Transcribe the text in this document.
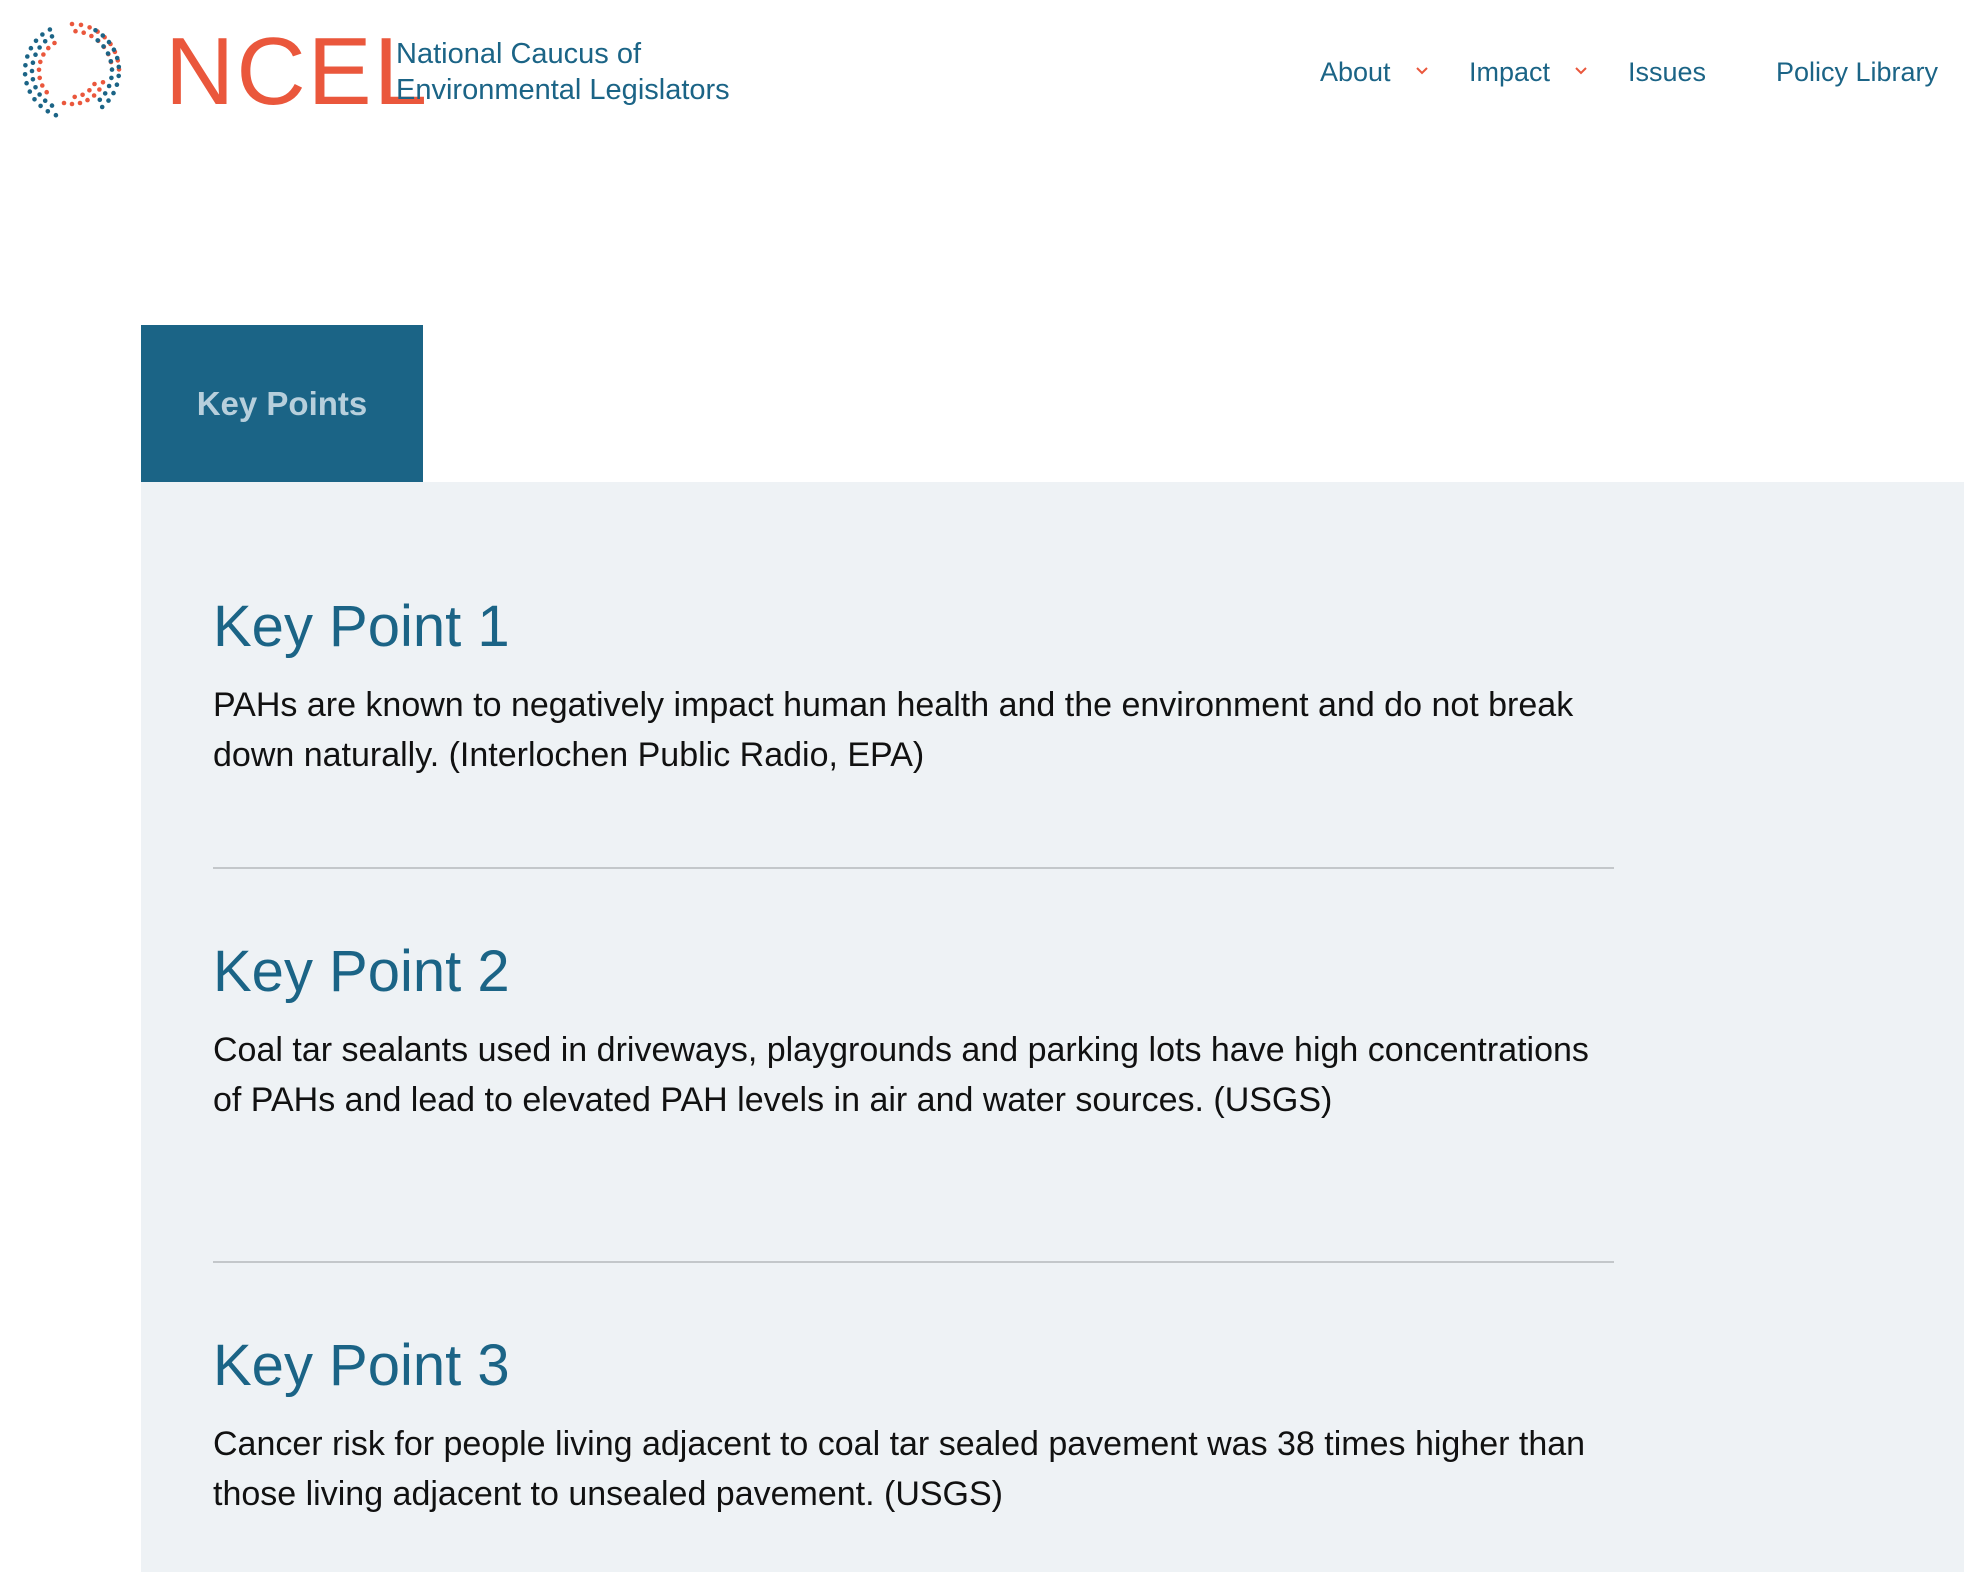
NCEL
National Caucus of
Environmental Legislators
About	Impact	Issues	Policy Library
Key Points
Key Point 1

PAHs are known to negatively impact human health and the environment and do not break down naturally. (Interlochen Public Radio, EPA)

Key Point 2

Coal tar sealants used in driveways, playgrounds and parking lots have high concentrations of PAHs and lead to elevated PAH levels in air and water sources. (USGS)

Key Point 3

Cancer risk for people living adjacent to coal tar sealed pavement was 38 times higher than those living adjacent to unsealed pavement. (USGS)
